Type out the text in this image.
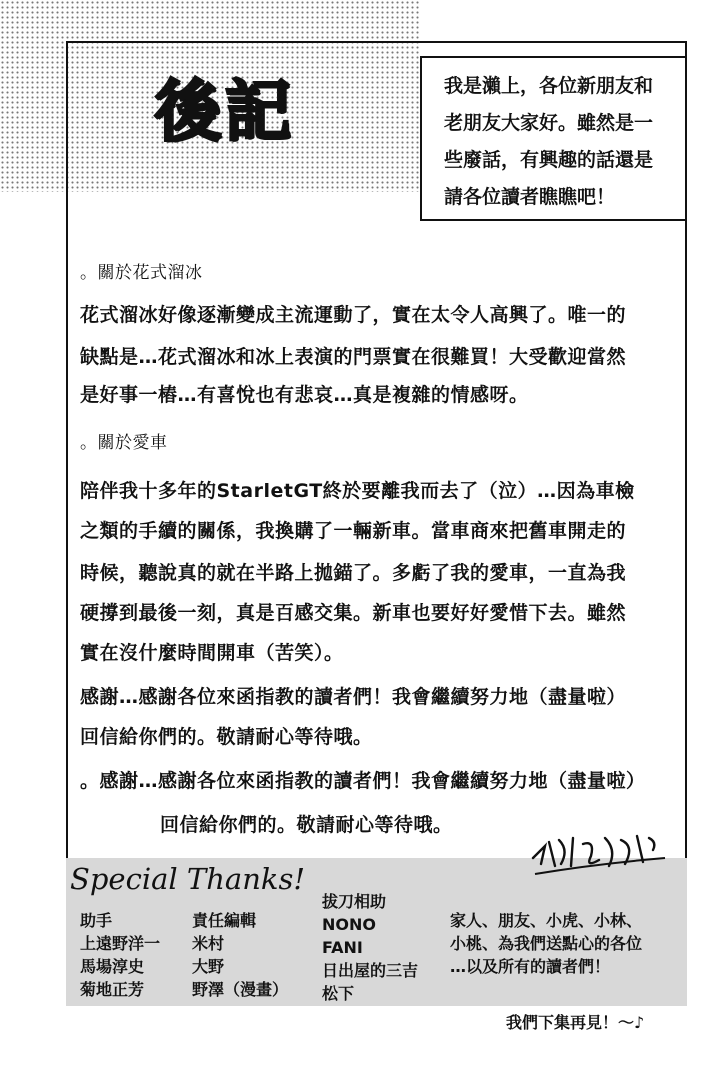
後記	我是瀨上，各位新朋友和
老朋友大家好。雖然是一
些廢話，有興趣的話還是
請各位讀者瞧瞧吧！
。關於花式溜冰
花式溜冰好像逐漸變成主流運動了，實在太令人高興了。唯一的
缺點是…花式溜冰和冰上表演的門票實在很難買！大受歡迎當然
是好事一樁…有喜悅也有悲哀…真是複雜的情感呀。
。關於愛車
陪伴我十多年的StarletGT終於要離我而去了（泣）…因為車檢
之類的手續的關係，我換購了一輛新車。當車商來把舊車開走的
時候，聽說真的就在半路上拋錨了。多虧了我的愛車，一直為我
硬撐到最後一刻，真是百感交集。新車也要好好愛惜下去。雖然
實在沒什麼時間開車（苦笑）。
感謝…感謝各位來函指教的讀者們！我會繼續努力地（盡量啦）
回信給你們的。敬請耐心等待哦。
。感謝…感謝各位來函指教的讀者們！我會繼續努力地（盡量啦）
回信給你們的。敬請耐心等待哦。
Special Thanks!
助手
上遠野洋一
馬場淳史
菊地正芳
責任編輯
米村
大野
野澤（漫畫）
拔刀相助
NONO
FANI
日出屋的三吉
松下
家人、朋友、小虎、小林、
小桃、為我們送點心的各位
…以及所有的讀者們！
我們下集再見！～♪
